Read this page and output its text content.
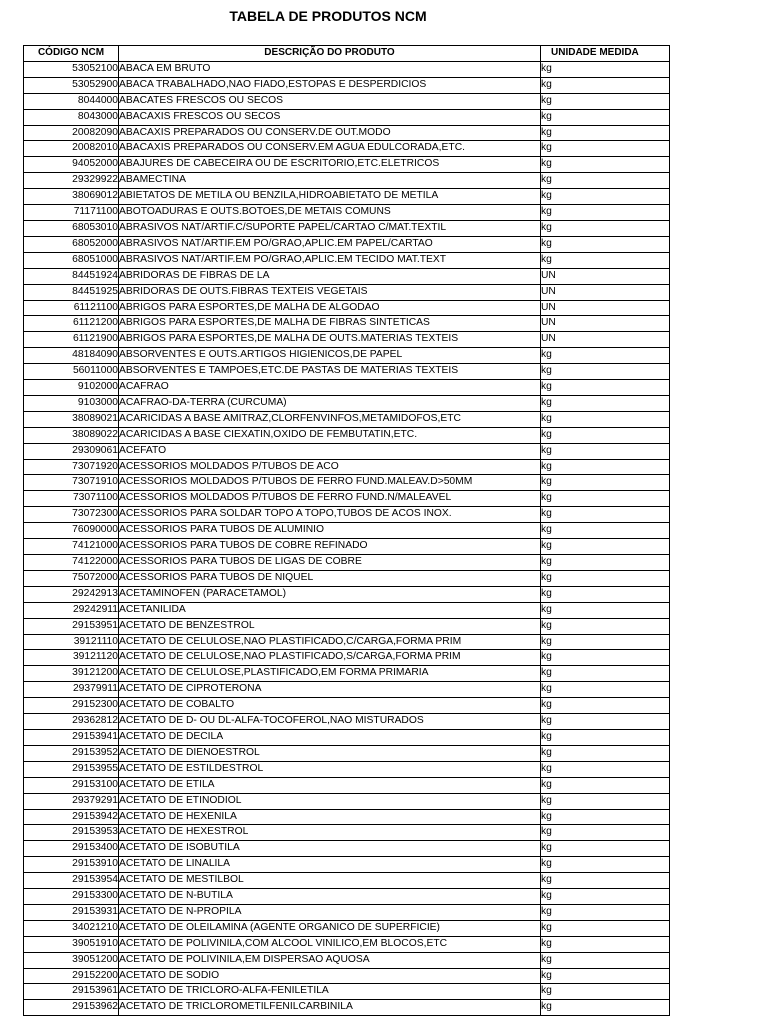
TABELA DE PRODUTOS NCM
CÓDIGO NCM	DESCRIÇÃO DO PRODUTO	UNIDADE MEDIDA
53052100	ABACA EM BRUTO	kg
53052900	ABACA TRABALHADO,NAO FIADO,ESTOPAS E DESPERDICIOS	kg
8044000	ABACATES FRESCOS OU SECOS	kg
8043000	ABACAXIS FRESCOS OU SECOS	kg
20082090	ABACAXIS PREPARADOS OU CONSERV.DE OUT.MODO	kg
20082010	ABACAXIS PREPARADOS OU CONSERV.EM AGUA EDULCORADA,ETC.	kg
94052000	ABAJURES DE CABECEIRA OU DE ESCRITORIO,ETC.ELETRICOS	kg
29329922	ABAMECTINA	kg
38069012	ABIETATOS DE METILA OU BENZILA,HIDROABIETATO DE METILA	kg
71171100	ABOTOADURAS E OUTS.BOTOES,DE METAIS COMUNS	kg
68053010	ABRASIVOS NAT/ARTIF.C/SUPORTE PAPEL/CARTAO C/MAT.TEXTIL	kg
68052000	ABRASIVOS NAT/ARTIF.EM PO/GRAO,APLIC.EM PAPEL/CARTAO	kg
68051000	ABRASIVOS NAT/ARTIF.EM PO/GRAO,APLIC.EM TECIDO MAT.TEXT	kg
84451924	ABRIDORAS DE FIBRAS DE LA	UN
84451925	ABRIDORAS DE OUTS.FIBRAS TEXTEIS VEGETAIS	UN
61121100	ABRIGOS PARA ESPORTES,DE MALHA DE ALGODAO	UN
61121200	ABRIGOS PARA ESPORTES,DE MALHA DE FIBRAS SINTETICAS	UN
61121900	ABRIGOS PARA ESPORTES,DE MALHA DE OUTS.MATERIAS TEXTEIS	UN
48184090	ABSORVENTES E OUTS.ARTIGOS HIGIENICOS,DE PAPEL	kg
56011000	ABSORVENTES E TAMPOES,ETC.DE PASTAS DE MATERIAS TEXTEIS	kg
9102000	ACAFRAO	kg
9103000	ACAFRAO-DA-TERRA (CURCUMA)	kg
38089021	ACARICIDAS A BASE AMITRAZ,CLORFENVINFOS,METAMIDOFOS,ETC	kg
38089022	ACARICIDAS A BASE CIEXATIN,OXIDO DE FEMBUTATIN,ETC.	kg
29309061	ACEFATO	kg
73071920	ACESSORIOS MOLDADOS P/TUBOS DE ACO	kg
73071910	ACESSORIOS MOLDADOS P/TUBOS DE FERRO FUND.MALEAV.D>50MM	kg
73071100	ACESSORIOS MOLDADOS P/TUBOS DE FERRO FUND.N/MALEAVEL	kg
73072300	ACESSORIOS PARA SOLDAR TOPO A TOPO,TUBOS DE ACOS INOX.	kg
76090000	ACESSORIOS PARA TUBOS DE ALUMINIO	kg
74121000	ACESSORIOS PARA TUBOS DE COBRE REFINADO	kg
74122000	ACESSORIOS PARA TUBOS DE LIGAS DE COBRE	kg
75072000	ACESSORIOS PARA TUBOS DE NIQUEL	kg
29242913	ACETAMINOFEN (PARACETAMOL)	kg
29242911	ACETANILIDA	kg
29153951	ACETATO DE BENZESTROL	kg
39121110	ACETATO DE CELULOSE,NAO PLASTIFICADO,C/CARGA,FORMA PRIM	kg
39121120	ACETATO DE CELULOSE,NAO PLASTIFICADO,S/CARGA,FORMA PRIM	kg
39121200	ACETATO DE CELULOSE,PLASTIFICADO,EM FORMA PRIMARIA	kg
29379911	ACETATO DE CIPROTERONA	kg
29152300	ACETATO DE COBALTO	kg
29362812	ACETATO DE D- OU DL-ALFA-TOCOFEROL,NAO MISTURADOS	kg
29153941	ACETATO DE DECILA	kg
29153952	ACETATO DE DIENOESTROL	kg
29153955	ACETATO DE ESTILDESTROL	kg
29153100	ACETATO DE ETILA	kg
29379291	ACETATO DE ETINODIOL	kg
29153942	ACETATO DE HEXENILA	kg
29153953	ACETATO DE HEXESTROL	kg
29153400	ACETATO DE ISOBUTILA	kg
29153910	ACETATO DE LINALILA	kg
29153954	ACETATO DE MESTILBOL	kg
29153300	ACETATO DE N-BUTILA	kg
29153931	ACETATO DE N-PROPILA	kg
34021210	ACETATO DE OLEILAMINA (AGENTE ORGANICO DE SUPERFICIE)	kg
39051910	ACETATO DE POLIVINILA,COM ALCOOL VINILICO,EM BLOCOS,ETC	kg
39051200	ACETATO DE POLIVINILA,EM DISPERSAO AQUOSA	kg
29152200	ACETATO DE SODIO	kg
29153961	ACETATO DE TRICLORO-ALFA-FENILETILA	kg
29153962	ACETATO DE TRICLOROMETILFENILCARBINILA	kg
